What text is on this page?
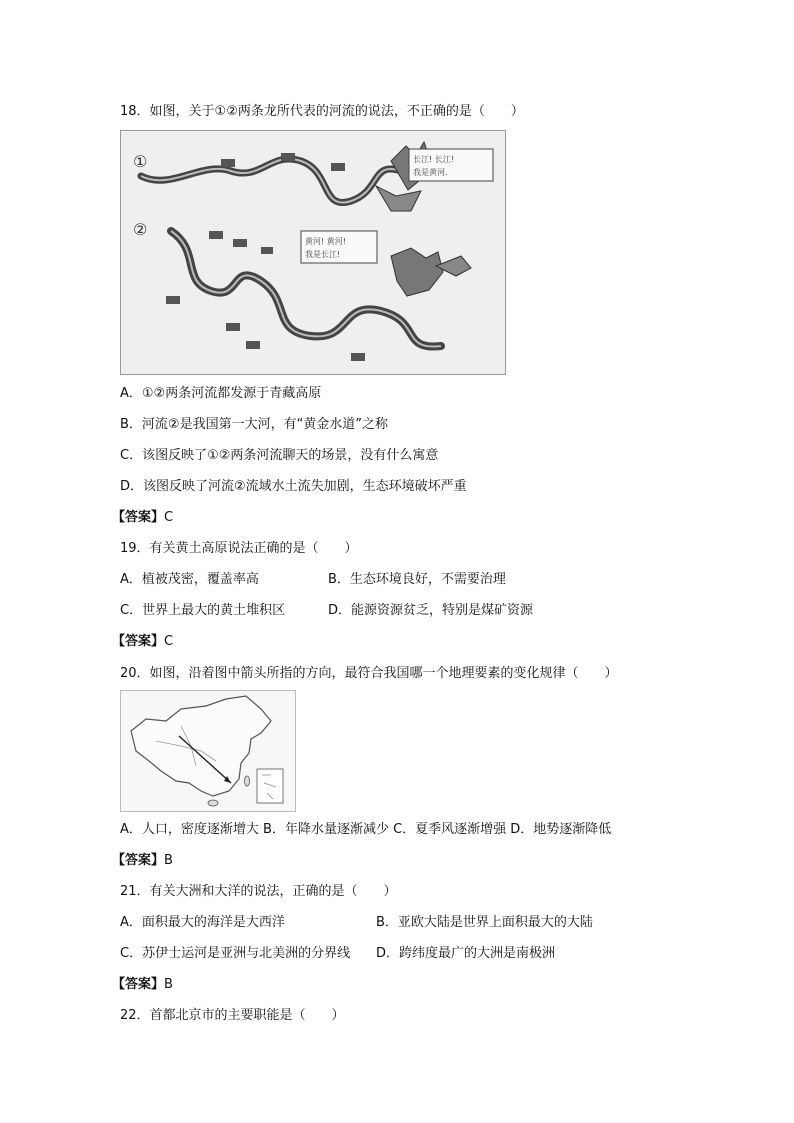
18．如图，关于①②两条龙所代表的河流的说法，不正确的是（　　）
①
②
长江! 长江!
我是黄河.
黄河! 黄河!
我是长江!
A．①②两条河流都发源于青藏高原
B．河流②是我国第一大河，有“黄金水道”之称
C．该图反映了①②两条河流聊天的场景，没有什么寓意
D．该图反映了河流②流域水土流失加剧，生态环境破坏严重
【答案】C
19．有关黄土高原说法正确的是（　　）
A．植被茂密，覆盖率高	B．生态环境良好，不需要治理
C．世界上最大的黄土堆积区	D．能源资源贫乏，特别是煤矿资源
【答案】C
20．如图，沿着图中箭头所指的方向，最符合我国哪一个地理要素的变化规律（　　）
A．人口，密度逐渐增大 B．年降水量逐渐减少 C．夏季风逐渐增强 D．地势逐渐降低
【答案】B
21．有关大洲和大洋的说法，正确的是（　　）
A．面积最大的海洋是大西洋	B．亚欧大陆是世界上面积最大的大陆
C．苏伊士运河是亚洲与北美洲的分界线 D．跨纬度最广的大洲是南极洲
【答案】B
22．首都北京市的主要职能是（　　）
